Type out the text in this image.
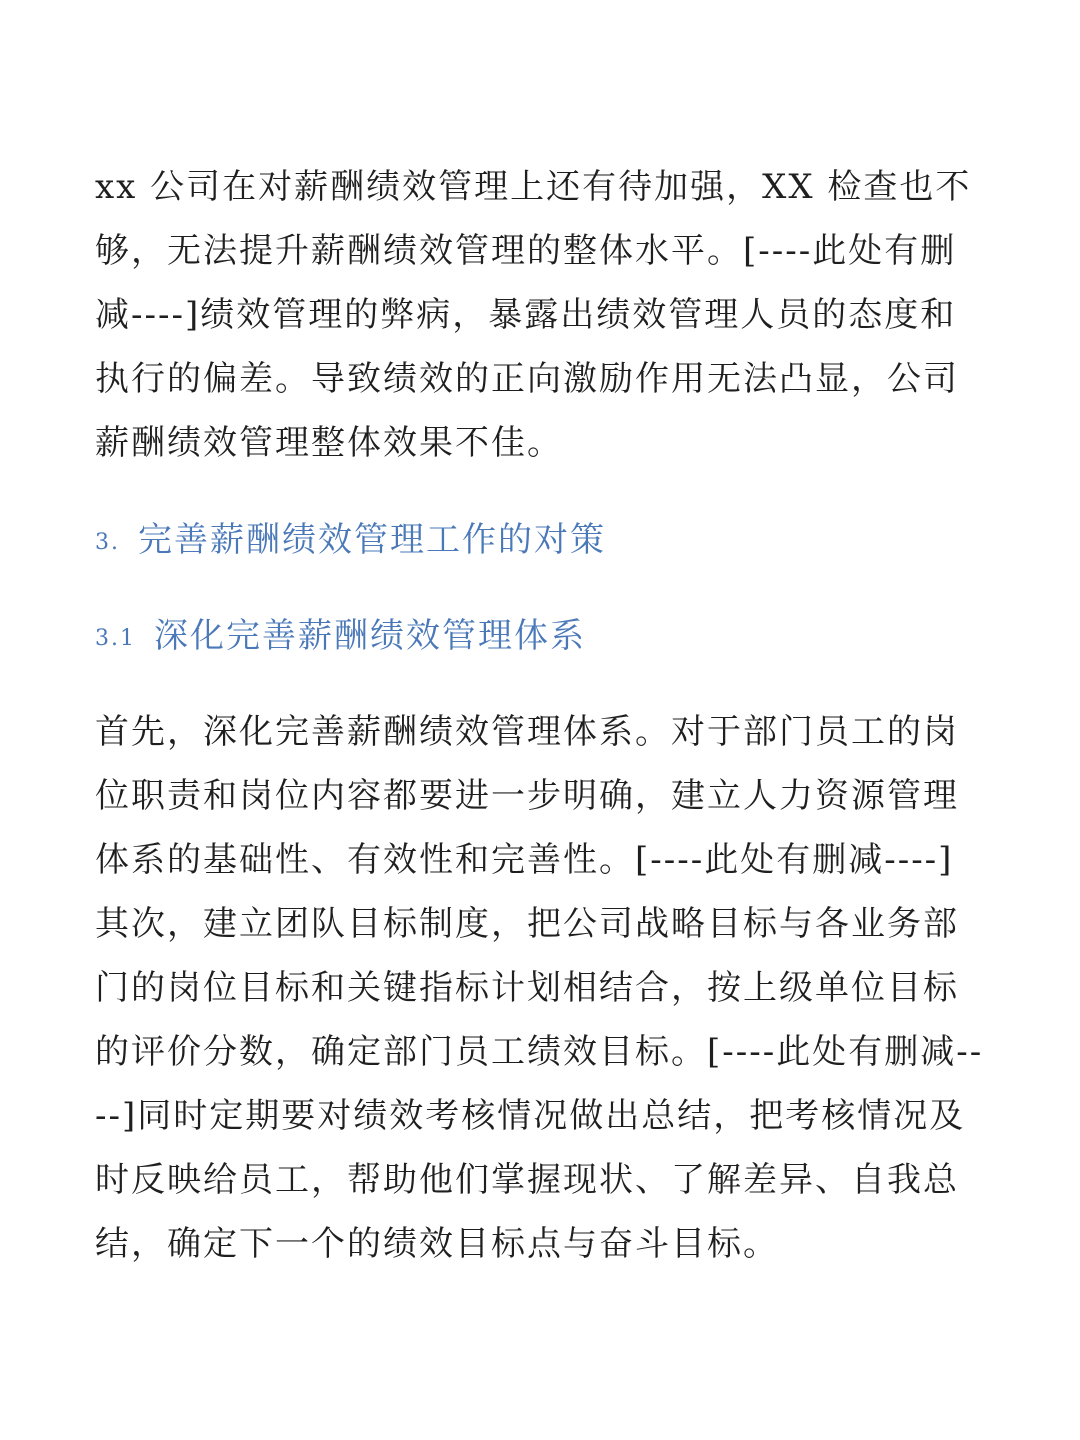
xx 公司在对薪酬绩效管理上还有待加强，XX 检查也不够，无法提升薪酬绩效管理的整体水平。[----此处有删减----]绩效管理的弊病，暴露出绩效管理人员的态度和执行的偏差。导致绩效的正向激励作用无法凸显，公司薪酬绩效管理整体效果不佳。

3. 完善薪酬绩效管理工作的对策
3.1 深化完善薪酬绩效管理体系

首先，深化完善薪酬绩效管理体系。对于部门员工的岗位职责和岗位内容都要进一步明确，建立人力资源管理体系的基础性、有效性和完善性。[----此处有删减----]其次，建立团队目标制度，把公司战略目标与各业务部门的岗位目标和关键指标计划相结合，按上级单位目标的评价分数，确定部门员工绩效目标。[----此处有删减----]同时定期要对绩效考核情况做出总结，把考核情况及时反映给员工，帮助他们掌握现状、了解差异、自我总结，确定下一个的绩效目标点与奋斗目标。
